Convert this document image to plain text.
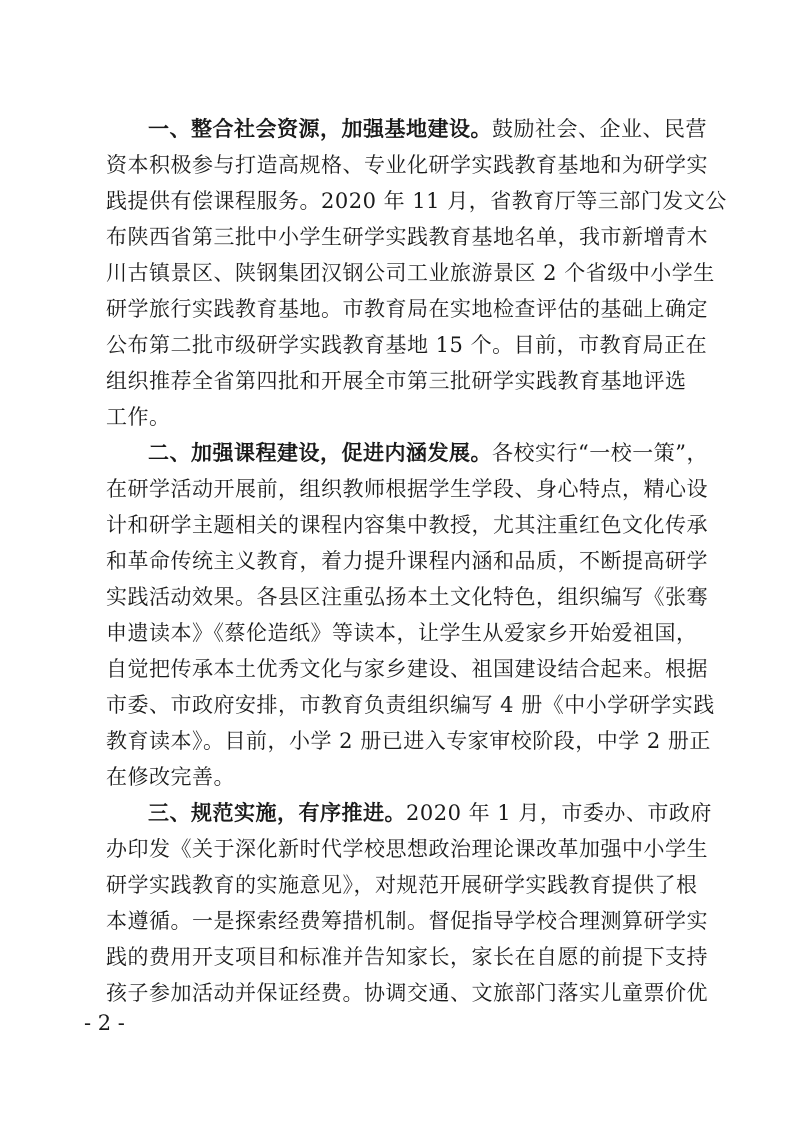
一、整合社会资源，加强基地建设。鼓励社会、企业、民营
资本积极参与打造高规格、专业化研学实践教育基地和为研学实
践提供有偿课程服务。2020 年 11 月，省教育厅等三部门发文公
布陕西省第三批中小学生研学实践教育基地名单，我市新增青木
川古镇景区、陕钢集团汉钢公司工业旅游景区 2 个省级中小学生
研学旅行实践教育基地。市教育局在实地检查评估的基础上确定
公布第二批市级研学实践教育基地 15 个。目前，市教育局正在
组织推荐全省第四批和开展全市第三批研学实践教育基地评选
工作。
二、加强课程建设，促进内涵发展。各校实行“一校一策”，
在研学活动开展前，组织教师根据学生学段、身心特点，精心设
计和研学主题相关的课程内容集中教授，尤其注重红色文化传承
和革命传统主义教育，着力提升课程内涵和品质，不断提高研学
实践活动效果。各县区注重弘扬本土文化特色，组织编写《张骞
申遗读本》《蔡伦造纸》等读本，让学生从爱家乡开始爱祖国，
自觉把传承本土优秀文化与家乡建设、祖国建设结合起来。根据
市委、市政府安排，市教育负责组织编写 4 册《中小学研学实践
教育读本》。目前，小学 2 册已进入专家审校阶段，中学 2 册正
在修改完善。
三、规范实施，有序推进。2020 年 1 月，市委办、市政府
办印发《关于深化新时代学校思想政治理论课改革加强中小学生
研学实践教育的实施意见》，对规范开展研学实践教育提供了根
本遵循。一是探索经费筹措机制。督促指导学校合理测算研学实
践的费用开支项目和标准并告知家长，家长在自愿的前提下支持
孩子参加活动并保证经费。协调交通、文旅部门落实儿童票价优
- 2 -
